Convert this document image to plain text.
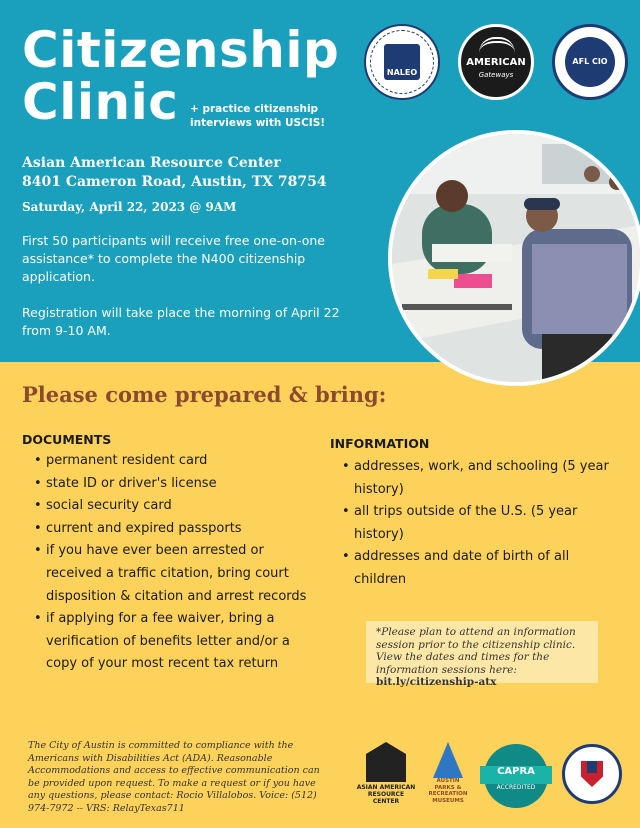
Citizenship
Clinic	+ practice citizenship interviews with USCIS!
Asian American Resource Center
8401 Cameron Road, Austin, TX 78754
Saturday, April 22, 2023 @ 9AM
First 50 participants will receive free one-on-one assistance* to complete the N400 citizenship application.
Registration will take place the morning of April 22 from 9-10 AM.
NALEO
AMERICAN
Gateways
AFL CIO
Please come prepared & bring:
DOCUMENTS
• permanent resident card
• state ID or driver's license
• social security card
• current and expired passports
• if you have ever been arrested or received a traffic citation, bring court disposition & citation and arrest records
• if applying for a fee waiver, bring a verification of benefits letter and/or a copy of your most recent tax return
INFORMATION
• addresses, work, and schooling (5 year history)
• all trips outside of the U.S. (5 year history)
• addresses and date of birth of all children
*Please plan to attend an information session prior to the citizenship clinic. View the dates and times for the information sessions here: bit.ly/citizenship-atx
The City of Austin is committed to compliance with the Americans with Disabilities Act (ADA). Reasonable Accommodations and access to effective communication can be provided upon request. To make a request or if you have any questions, please contact: Rocio Villalobos. Voice: (512) 974-7972 -- VRS: RelayTexas711
ASIAN AMERICAN RESOURCE CENTER
AUSTIN PARKS & RECREATION MUSEUMS
CAPRA
ACCREDITED
